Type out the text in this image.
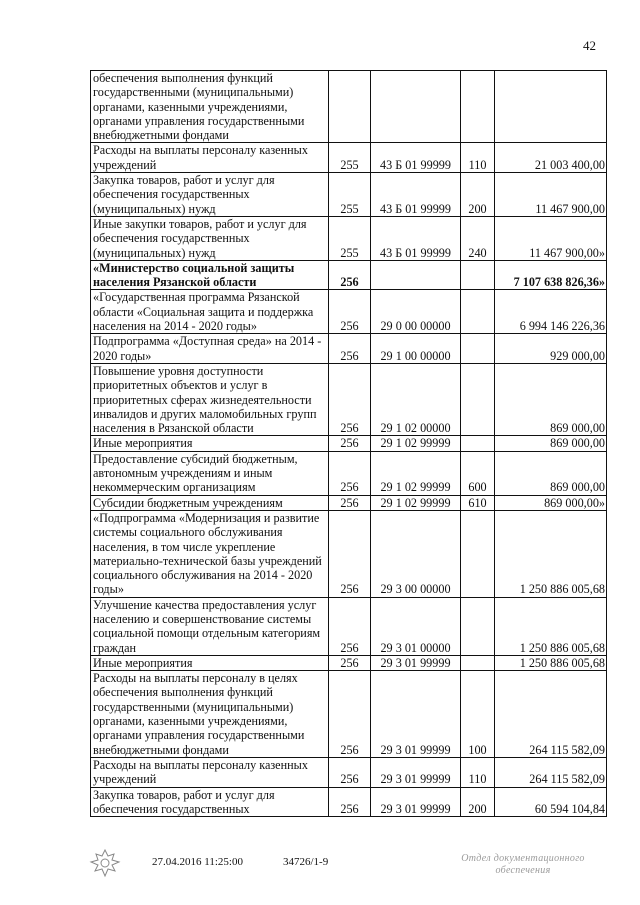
42
обеспечения выполнения функций государственными (муниципальными) органами, казенными учреждениями, органами управления государственными внебюджетными фондами				
Расходы на выплаты персоналу казенных учреждений	255	43 Б 01 99999	110	21 003 400,00
Закупка товаров, работ и услуг для обеспечения государственных (муниципальных) нужд	255	43 Б 01 99999	200	11 467 900,00
Иные закупки товаров, работ и услуг для обеспечения государственных (муниципальных) нужд	255	43 Б 01 99999	240	11 467 900,00»
«Министерство социальной защиты населения Рязанской области	256			7 107 638 826,36»
«Государственная программа Рязанской области «Социальная защита и поддержка населения на 2014 - 2020 годы»	256	29 0 00 00000		6 994 146 226,36
Подпрограмма «Доступная среда» на 2014 - 2020 годы»	256	29 1 00 00000		929 000,00
Повышение уровня доступности приоритетных объектов и услуг в приоритетных сферах жизнедеятельности инвалидов и других маломобильных групп населения в Рязанской области	256	29 1 02 00000		869 000,00
Иные мероприятия	256	29 1 02 99999		869 000,00
Предоставление субсидий бюджетным, автономным учреждениям и иным некоммерческим организациям	256	29 1 02 99999	600	869 000,00
Субсидии бюджетным учреждениям	256	29 1 02 99999	610	869 000,00»
«Подпрограмма «Модернизация и развитие системы социального обслуживания населения, в том числе укрепление материально-технической базы учреждений социального обслуживания на 2014 - 2020 годы»	256	29 3 00 00000		1 250 886 005,68
Улучшение качества предоставления услуг населению и совершенствование системы социальной помощи отдельным категориям граждан	256	29 3 01 00000		1 250 886 005,68
Иные мероприятия	256	29 3 01 99999		1 250 886 005,68
Расходы на выплаты персоналу в целях обеспечения выполнения функций государственными (муниципальными) органами, казенными учреждениями, органами управления государственными внебюджетными фондами	256	29 3 01 99999	100	264 115 582,09
Расходы на выплаты персоналу казенных учреждений	256	29 3 01 99999	110	264 115 582,09
Закупка товаров, работ и услуг для обеспечения государственных	256	29 3 01 99999	200	60 594 104,84
27.04.2016 11:25:00	34726/1-9	Отдел документационного
обеспечения
